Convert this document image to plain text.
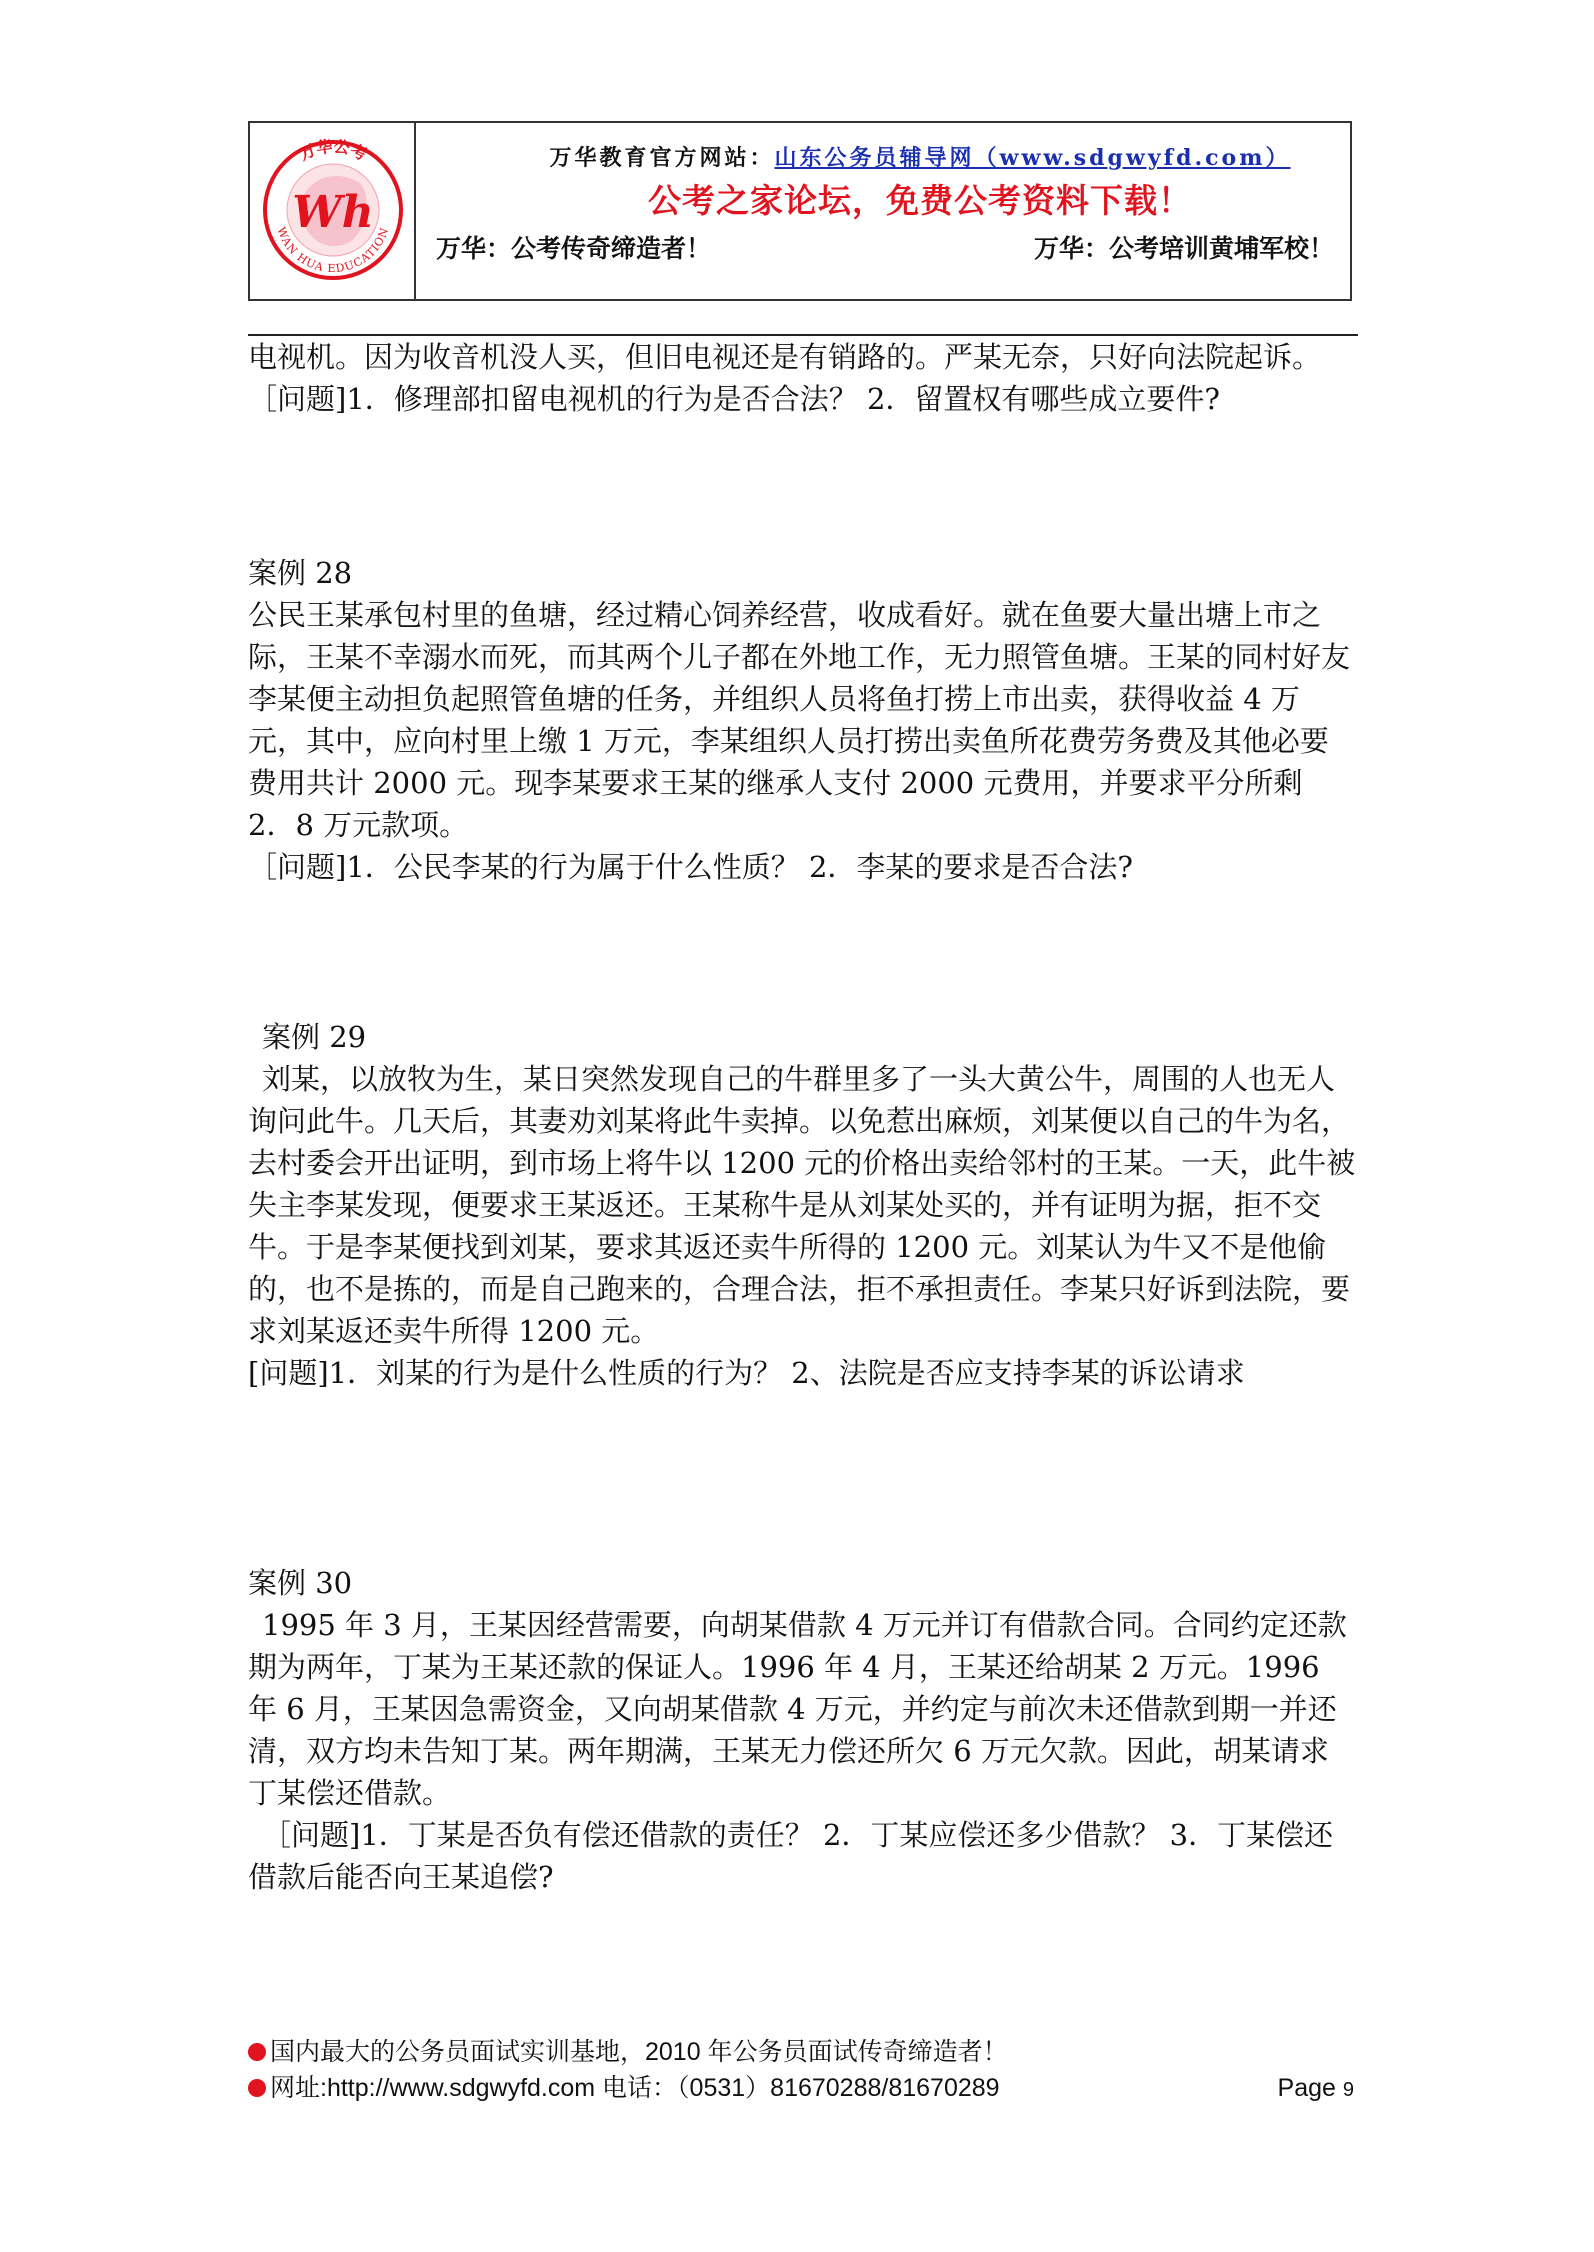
万华公考
WAN HUA EDUCATION
Wh
万华教育官方网站：山东公务员辅导网（www.sdgwyfd.com）
公考之家论坛，免费公考资料下载！
万华：公考传奇缔造者！	万华：公考培训黄埔军校！

电视机。因为收音机没人买，但旧电视还是有销路的。严某无奈，只好向法院起诉。

［问题]1．修理部扣留电视机的行为是否合法？ 2．留置权有哪些成立要件?

案例 28

公民王某承包村里的鱼塘，经过精心饲养经营，收成看好。就在鱼要大量出塘上市之际，王某不幸溺水而死，而其两个儿子都在外地工作，无力照管鱼塘。王某的同村好友李某便主动担负起照管鱼塘的任务，并组织人员将鱼打捞上市出卖，获得收益 4 万元，其中，应向村里上缴 1 万元，李某组织人员打捞出卖鱼所花费劳务费及其他必要费用共计 2000 元。现李某要求王某的继承人支付 2000 元费用，并要求平分所剩 2．8 万元款项。

［问题]1．公民李某的行为属于什么性质？ 2．李某的要求是否合法?

案例 29

刘某，以放牧为生，某日突然发现自己的牛群里多了一头大黄公牛，周围的人也无人询问此牛。几天后，其妻劝刘某将此牛卖掉。以免惹出麻烦，刘某便以自己的牛为名，去村委会开出证明，到市场上将牛以 1200 元的价格出卖给邻村的王某。一天，此牛被失主李某发现，便要求王某返还。王某称牛是从刘某处买的，并有证明为据，拒不交牛。于是李某便找到刘某，要求其返还卖牛所得的 1200 元。刘某认为牛又不是他偷的，也不是拣的，而是自己跑来的，合理合法，拒不承担责任。李某只好诉到法院，要求刘某返还卖牛所得 1200 元。

[问题]1．刘某的行为是什么性质的行为？ 2、法院是否应支持李某的诉讼请求

案例 30

1995 年 3 月，王某因经营需要，向胡某借款 4 万元并订有借款合同。合同约定还款期为两年，丁某为王某还款的保证人。1996 年 4 月，王某还给胡某 2 万元。1996 年 6 月，王某因急需资金，又向胡某借款 4 万元，并约定与前次未还借款到期一并还清，双方均未告知丁某。两年期满，王某无力偿还所欠 6 万元欠款。因此，胡某请求丁某偿还借款。

［问题]1．丁某是否负有偿还借款的责任？ 2．丁某应偿还多少借款？ 3．丁某偿还借款后能否向王某追偿?

国内最大的公务员面试实训基地，2010 年公务员面试传奇缔造者！
网址:http://www.sdgwyfd.com 电话：（0531）81670288/81670289	Page 9
